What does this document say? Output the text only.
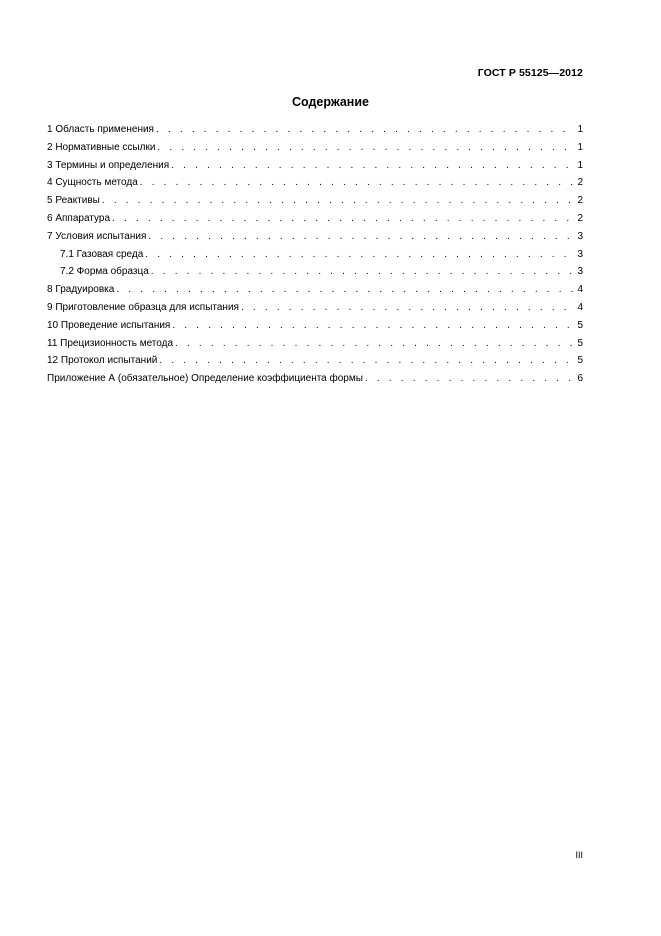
ГОСТ Р 55125—2012
Содержание
1 Область применения . . .	1
2 Нормативные ссылки . . .	1
3 Термины и определения . . .	1
4 Сущность метода . . .	2
5 Реактивы . . .	2
6 Аппаратура . . .	2
7 Условия испытания . . .	3
7.1 Газовая среда . . .	3
7.2 Форма образца . . .	3
8 Градуировка . . .	4
9 Приготовление образца для испытания . . .	4
10 Проведение испытания . . .	5
11 Прецизионность метода . . .	5
12 Протокол испытаний . . .	5
Приложение А (обязательное) Определение коэффициента формы . . .	6
III
